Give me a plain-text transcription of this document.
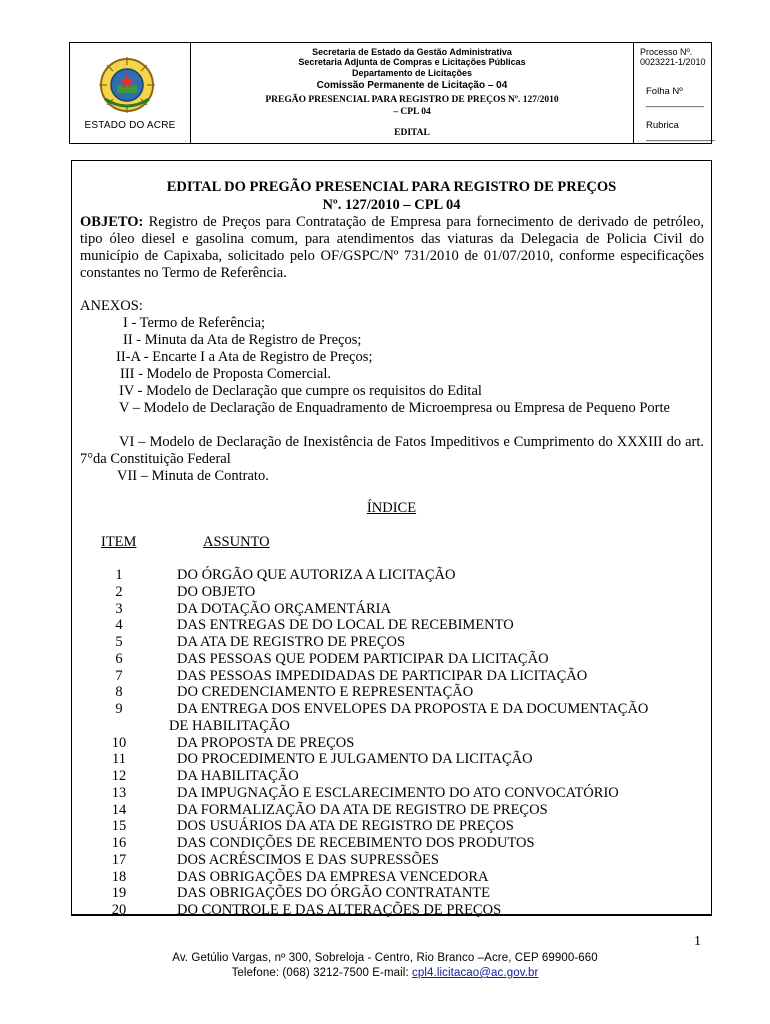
ESTADO DO ACRE
Secretaria de Estado da Gestão Administrativa
Secretaria Adjunta de Compras e Licitações Públicas
Departamento de Licitações
Comissão Permanente de Licitação – 04
PREGÃO PRESENCIAL PARA REGISTRO DE PREÇOS Nº. 127/2010
– CPL 04
EDITAL
Processo Nº. 0023221-1/2010
Folha Nº ___________
Rubrica _____________
EDITAL DO PREGÃO PRESENCIAL PARA REGISTRO DE PREÇOS
Nº. 127/2010 – CPL 04
OBJETO: Registro de Preços para Contratação de Empresa para fornecimento de derivado de petróleo, tipo óleo diesel e gasolina comum, para atendimentos das viaturas da Delegacia de Policia Civil do município de Capixaba, solicitado pelo OF/GSPC/Nº 731/2010 de 01/07/2010, conforme especificações constantes no Termo de Referência.
ANEXOS:
I - Termo de Referência;
II - Minuta da Ata de Registro de Preços;
II-A - Encarte I a Ata de Registro de Preços;
III - Modelo de Proposta Comercial.
IV - Modelo de Declaração que cumpre os requisitos do Edital
V – Modelo de Declaração de Enquadramento de Microempresa ou Empresa de Pequeno Porte
VI – Modelo de Declaração de Inexistência de Fatos Impeditivos e Cumprimento do XXXIII do art. 7°da Constituição Federal
VII – Minuta de Contrato.
ÍNDICE
ITEM	ASSUNTO
1	DO ÓRGÃO QUE AUTORIZA A LICITAÇÃO
2	DO OBJETO
3	DA DOTAÇÃO ORÇAMENTÁRIA
4	DAS ENTREGAS DE DO LOCAL DE RECEBIMENTO
5	DA ATA DE REGISTRO DE PREÇOS
6	DAS PESSOAS QUE PODEM PARTICIPAR DA LICITAÇÃO
7	DAS PESSOAS IMPEDIDADAS DE PARTICIPAR DA LICITAÇÃO
8	DO CREDENCIAMENTO E REPRESENTAÇÃO
9	DA ENTREGA DOS ENVELOPES DA PROPOSTA E DA DOCUMENTAÇÃO
DE HABILITAÇÃO
10	DA PROPOSTA DE PREÇOS
11	DO PROCEDIMENTO E JULGAMENTO DA LICITAÇÃO
12	DA HABILITAÇÃO
13	DA IMPUGNAÇÃO E ESCLARECIMENTO DO ATO CONVOCATÓRIO
14	DA FORMALIZAÇÃO DA ATA DE REGISTRO DE PREÇOS
15	DOS USUÁRIOS DA ATA DE REGISTRO DE PREÇOS
16	DAS CONDIÇÕES DE RECEBIMENTO DOS PRODUTOS
17	DOS ACRÉSCIMOS E DAS SUPRESSÕES
18	DAS OBRIGAÇÕES DA EMPRESA VENCEDORA
19	DAS OBRIGAÇÕES DO ÓRGÃO CONTRATANTE
20	DO CONTROLE E DAS ALTERAÇÕES DE PREÇOS
1
Av. Getúlio Vargas, nº 300, Sobreloja - Centro, Rio Branco –Acre, CEP 69900-660
Telefone: (068) 3212-7500 E-mail: cpl4.licitacao@ac.gov.br
